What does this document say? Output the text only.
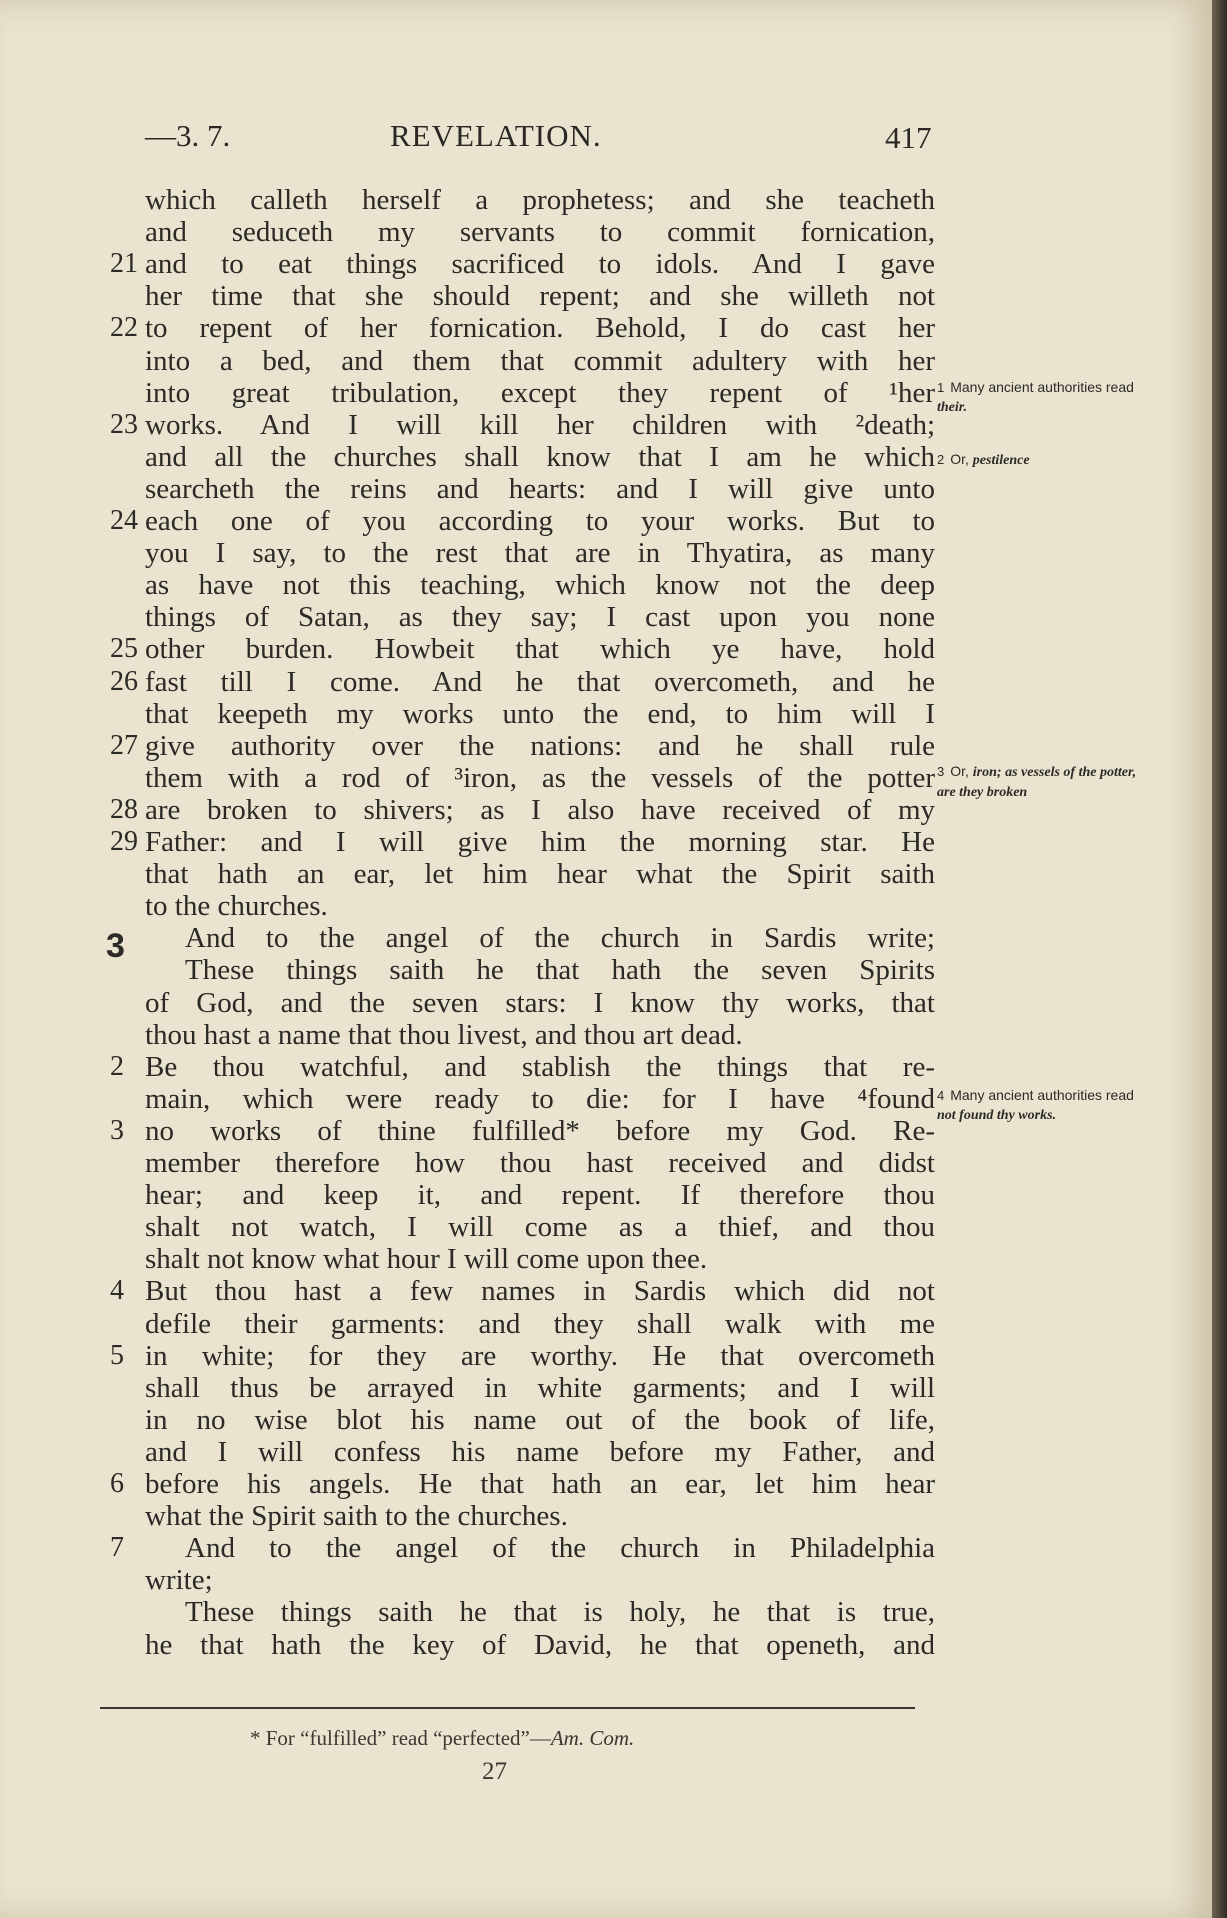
—3. 7.	REVELATION.	417
which calleth herself a prophetess; and she teacheth
and seduceth my servants to commit fornication,
21 and to eat things sacrificed to idols. And I gave
her time that she should repent; and she willeth not
22 to repent of her fornication. Behold, I do cast her
into a bed, and them that commit adultery with her
into great tribulation, except they repent of ¹her
23 works. And I will kill her children with ²death;
and all the churches shall know that I am he which
searcheth the reins and hearts: and I will give unto
24 each one of you according to your works. But to
you I say, to the rest that are in Thyatira, as many
as have not this teaching, which know not the deep
things of Satan, as they say; I cast upon you none
25 other burden. Howbeit that which ye have, hold
26 fast till I come. And he that overcometh, and he
that keepeth my works unto the end, to him will I
27 give authority over the nations: and he shall rule
them with a rod of ³iron, as the vessels of the potter
28 are broken to shivers; as I also have received of my
29 Father: and I will give him the morning star. He
that hath an ear, let him hear what the Spirit saith
to the churches.
And to the angel of the church in Sardis write;
These things saith he that hath the seven Spirits
of God, and the seven stars: I know thy works, that
thou hast a name that thou livest, and thou art dead.
2 Be thou watchful, and stablish the things that re-
main, which were ready to die: for I have ⁴found
3 no works of thine fulfilled* before my God. Re-
member therefore how thou hast received and didst
hear; and keep it, and repent. If therefore thou
shalt not watch, I will come as a thief, and thou
shalt not know what hour I will come upon thee.
4 But thou hast a few names in Sardis which did not
defile their garments: and they shall walk with me
5 in white; for they are worthy. He that overcometh
shall thus be arrayed in white garments; and I will
in no wise blot his name out of the book of life,
and I will confess his name before my Father, and
6 before his angels. He that hath an ear, let him hear
what the Spirit saith to the churches.
7	And to the angel of the church in Philadelphia
write;
These things saith he that is holy, he that is true,
he that hath the key of David, he that openeth, and
3
1 Many ancient authorities read their.
2 Or, pestilence
3 Or, iron; as vessels of the potter, are they broken
4 Many ancient authorities read not found thy works.
* For “fulfilled” read “perfected”—Am. Com.
27
